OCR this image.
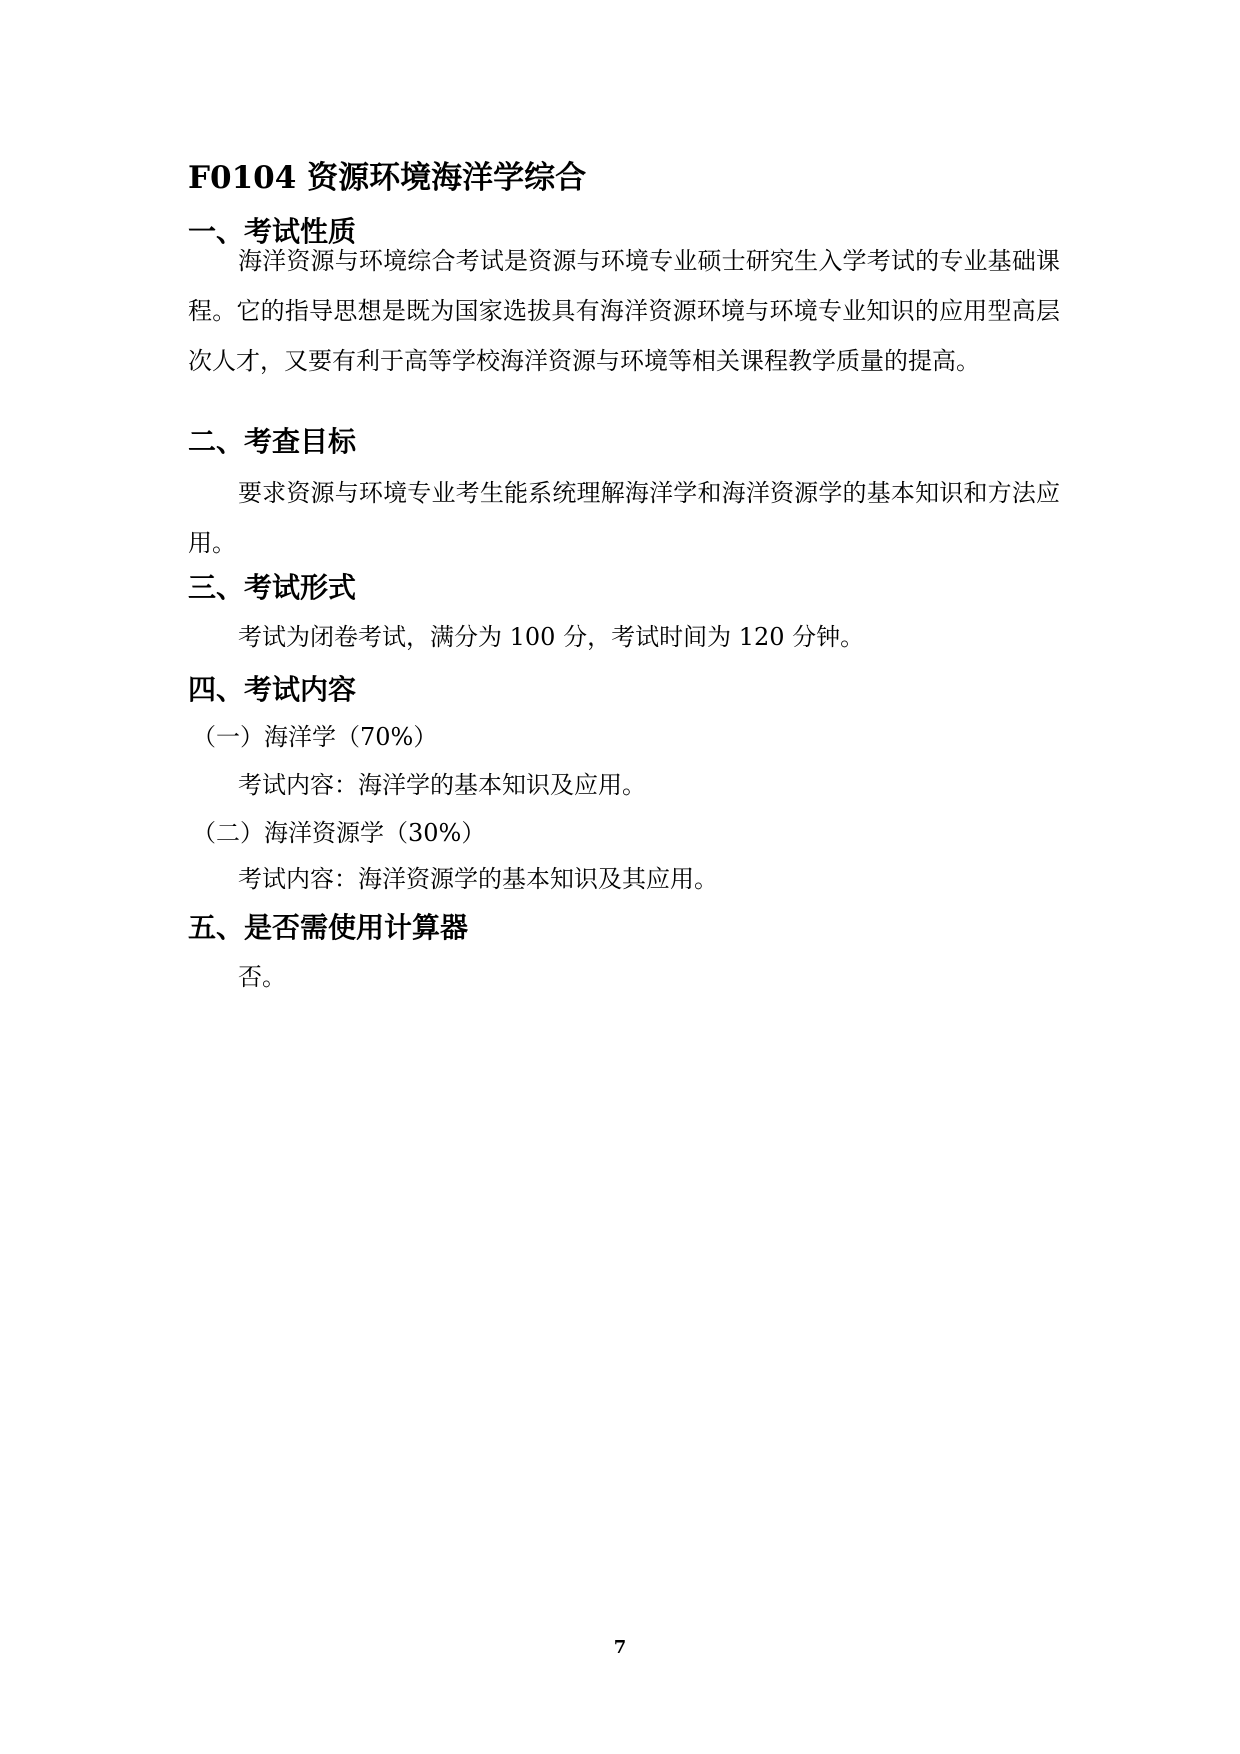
F0104 资源环境海洋学综合
一、考试性质

海洋资源与环境综合考试是资源与环境专业硕士研究生入学考试的专业基础课程。它的指导思想是既为国家选拔具有海洋资源环境与环境专业知识的应用型高层次人才，又要有利于高等学校海洋资源与环境等相关课程教学质量的提高。

二、考查目标

要求资源与环境专业考生能系统理解海洋学和海洋资源学的基本知识和方法应用。

三、考试形式

考试为闭卷考试，满分为 100 分，考试时间为 120 分钟。

四、考试内容
（一）海洋学（70%）
考试内容：海洋学的基本知识及应用。
（二）海洋资源学（30%）
考试内容：海洋资源学的基本知识及其应用。
五、是否需使用计算器
否。
7
